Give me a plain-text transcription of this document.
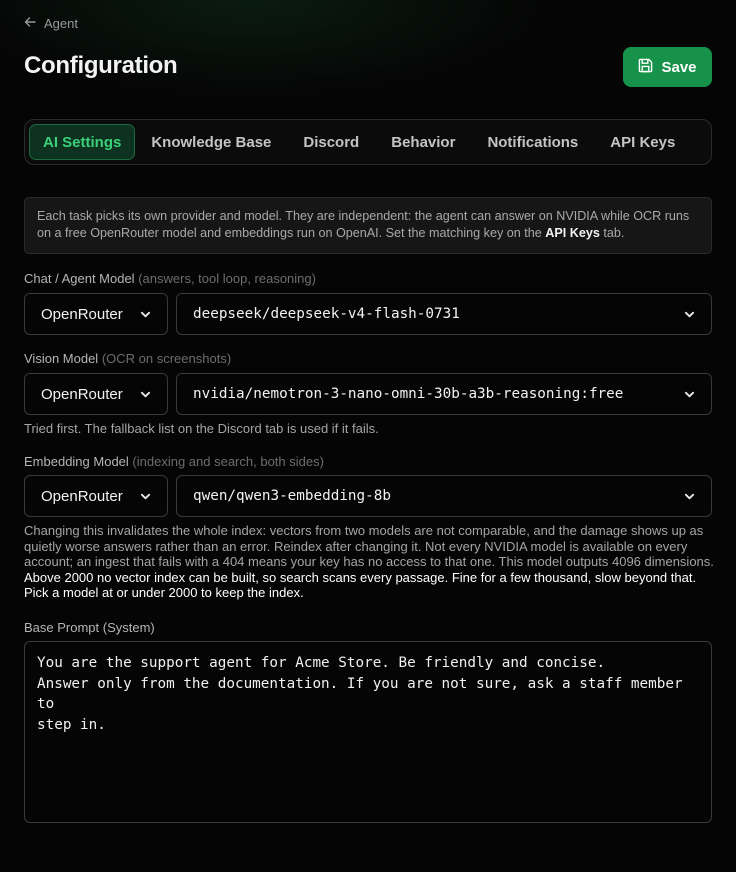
Agent
Configuration	Save
AI Settings	Knowledge Base	Discord	Behavior	Notifications	API Keys
Each task picks its own provider and model. They are independent: the agent can answer on NVIDIA while OCR runs on a free OpenRouter model and embeddings run on OpenAI. Set the matching key on the API Keys tab.
Chat / Agent Model (answers, tool loop, reasoning)
OpenRouter	deepseek/deepseek-v4-flash-0731
Vision Model (OCR on screenshots)
OpenRouter	nvidia/nemotron-3-nano-omni-30b-a3b-reasoning:free
Tried first. The fallback list on the Discord tab is used if it fails.
Embedding Model (indexing and search, both sides)
OpenRouter	qwen/qwen3-embedding-8b
Changing this invalidates the whole index: vectors from two models are not comparable, and the damage shows up as
quietly worse answers rather than an error. Reindex after changing it. Not every NVIDIA model is available on every
account; an ingest that fails with a 404 means your key has no access to that one. This model outputs 4096 dimensions.
Above 2000 no vector index can be built, so search scans every passage. Fine for a few thousand, slow beyond that.
Pick a model at or under 2000 to keep the index.
Base Prompt (System)
You are the support agent for Acme Store. Be friendly and concise.
Answer only from the documentation. If you are not sure, ask a staff member to
step in.
